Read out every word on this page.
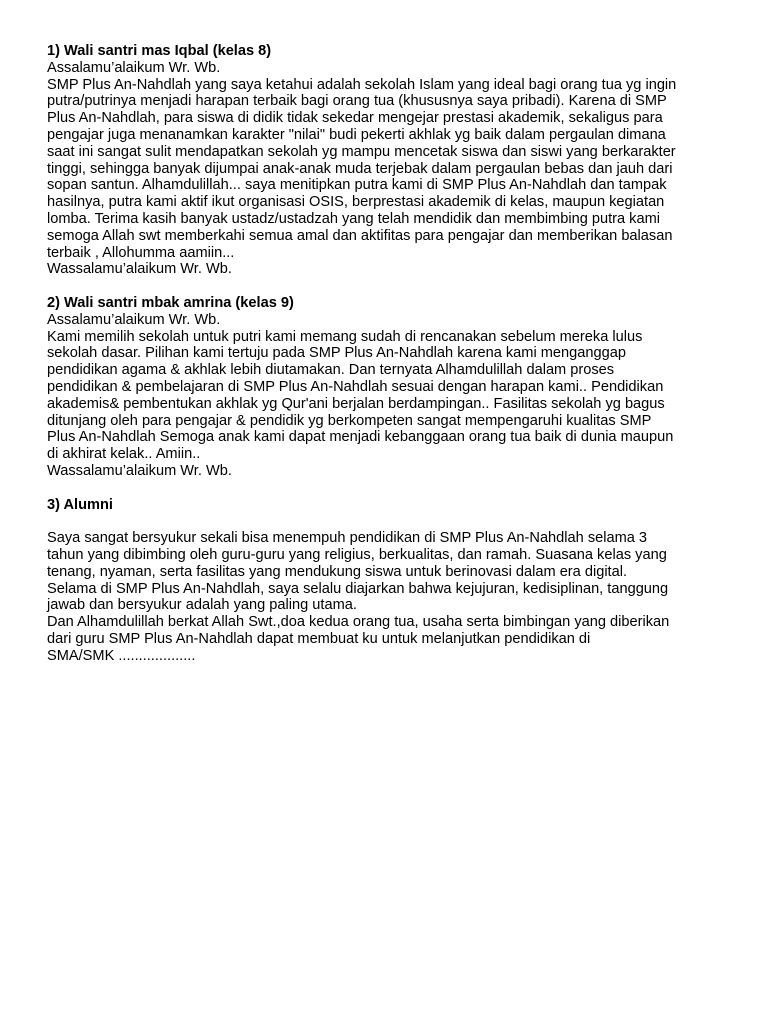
1) Wali santri mas Iqbal (kelas 8)
Assalamu’alaikum Wr. Wb.
SMP Plus An-Nahdlah yang saya ketahui adalah sekolah Islam yang ideal bagi orang tua yg ingin
putra/putrinya menjadi harapan terbaik bagi orang tua (khususnya saya pribadi). Karena di SMP
Plus An-Nahdlah, para siswa di didik tidak sekedar mengejar prestasi akademik, sekaligus para
pengajar juga menanamkan karakter "nilai" budi pekerti akhlak yg baik dalam pergaulan dimana
saat ini sangat sulit mendapatkan sekolah yg mampu mencetak siswa dan siswi yang berkarakter
tinggi, sehingga banyak dijumpai anak-anak muda terjebak dalam pergaulan bebas dan jauh dari
sopan santun. Alhamdulillah... saya menitipkan putra kami di SMP Plus An-Nahdlah dan tampak
hasilnya, putra kami aktif ikut organisasi OSIS, berprestasi akademik di kelas, maupun kegiatan
lomba. Terima kasih banyak ustadz/ustadzah yang telah mendidik dan membimbing putra kami
semoga Allah swt memberkahi semua amal dan aktifitas para pengajar dan memberikan balasan
terbaik , Allohumma aamiin...
Wassalamu’alaikum Wr. Wb.
2) Wali santri mbak amrina (kelas 9)
Assalamu’alaikum Wr. Wb.
Kami memilih sekolah untuk putri kami memang sudah di rencanakan sebelum mereka lulus
sekolah dasar. Pilihan kami tertuju pada SMP Plus An-Nahdlah karena kami menganggap
pendidikan agama & akhlak lebih diutamakan. Dan ternyata Alhamdulillah dalam proses
pendidikan & pembelajaran di SMP Plus An-Nahdlah sesuai dengan harapan kami.. Pendidikan
akademis& pembentukan akhlak yg Qur'ani berjalan berdampingan.. Fasilitas sekolah yg bagus
ditunjang oleh para pengajar & pendidik yg berkompeten sangat mempengaruhi kualitas SMP
Plus An-Nahdlah Semoga anak kami dapat menjadi kebanggaan orang tua baik di dunia maupun
di akhirat kelak.. Amiin..
Wassalamu’alaikum Wr. Wb.
3) Alumni
Saya sangat bersyukur sekali bisa menempuh pendidikan di SMP Plus An-Nahdlah selama 3
tahun yang dibimbing oleh guru-guru yang religius, berkualitas, dan ramah. Suasana kelas yang
tenang, nyaman, serta fasilitas yang mendukung siswa untuk berinovasi dalam era digital.
Selama di SMP Plus An-Nahdlah, saya selalu diajarkan bahwa kejujuran, kedisiplinan, tanggung
jawab dan bersyukur adalah yang paling utama.
Dan Alhamdulillah berkat Allah Swt.,doa kedua orang tua, usaha serta bimbingan yang diberikan
dari guru SMP Plus An-Nahdlah dapat membuat ku untuk melanjutkan pendidikan di
SMA/SMK ...................
